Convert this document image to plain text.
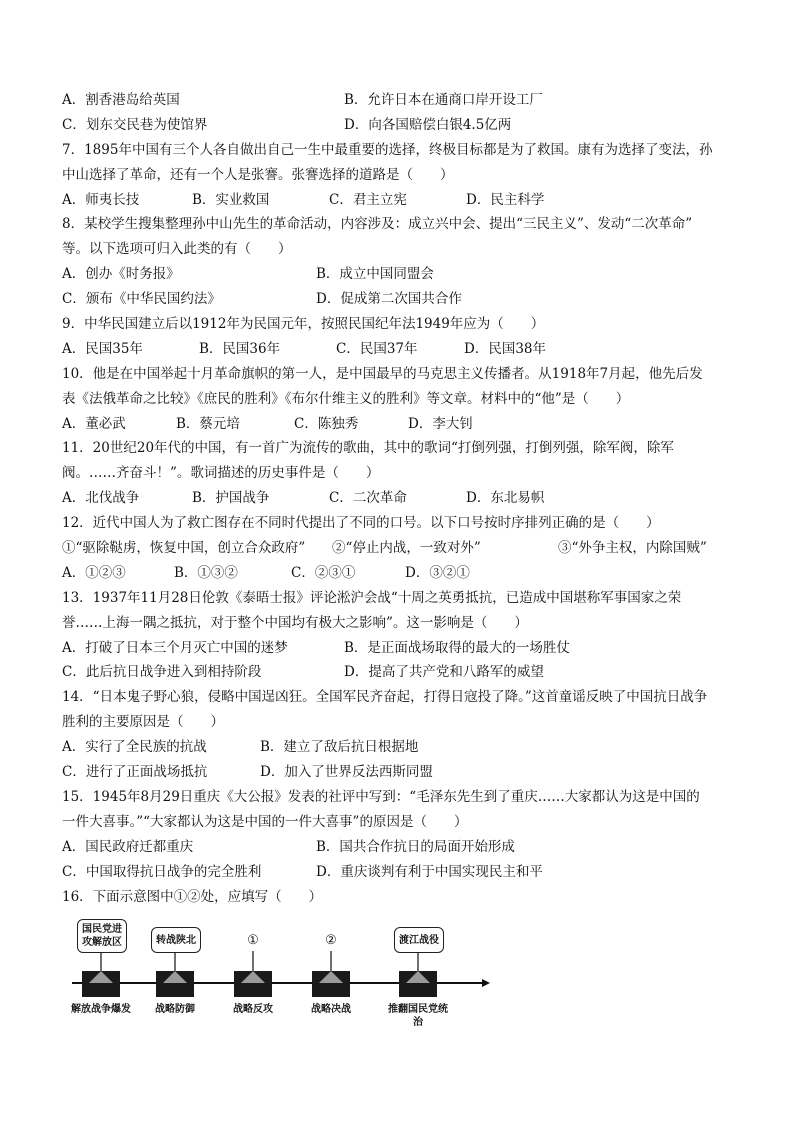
A．割香港岛给英国	B．允许日本在通商口岸开设工厂
C．划东交民巷为使馆界	D．向各国赔偿白银4.5亿两
7．1895年中国有三个人各自做出自己一生中最重要的选择，终极目标都是为了救国。康有为选择了变法，孙
中山选择了革命，还有一个人是张謇。张謇选择的道路是（　　）
A．师夷长技	B．实业救国	C．君主立宪	D．民主科学
8．某校学生搜集整理孙中山先生的革命活动，内容涉及：成立兴中会、提出“三民主义”、发动“二次革命”
等。以下选项可归入此类的有（　　）
A．创办《时务报》	B．成立中国同盟会
C．颁布《中华民国约法》	D．促成第二次国共合作
9．中华民国建立后以1912年为民国元年，按照民国纪年法1949年应为（　　）
A．民国35年	B．民国36年	C．民国37年	D．民国38年
10．他是在中国举起十月革命旗帜的第一人，是中国最早的马克思主义传播者。从1918年7月起，他先后发
表《法俄革命之比较》《庶民的胜利》《布尔什维主义的胜利》等文章。材料中的“他”是（　　）
A．董必武	B．蔡元培	C．陈独秀	D．李大钊
11．20世纪20年代的中国，有一首广为流传的歌曲，其中的歌词“打倒列强，打倒列强，除军阀，除军
阀。……齐奋斗！”。歌词描述的历史事件是（　　）
A．北伐战争	B．护国战争	C．二次革命	D．东北易帜
12．近代中国人为了救亡图存在不同时代提出了不同的口号。以下口号按时序排列正确的是（　　）
①“驱除鞑虏，恢复中国，创立合众政府”	②“停止内战，一致对外”	③“外争主权，内除国贼”
A．①②③	B．①③②	C．②③①	D．③②①
13．1937年11月28日伦敦《泰晤士报》评论淞沪会战“十周之英勇抵抗，已造成中国堪称军事国家之荣
誉……上海一隅之抵抗，对于整个中国均有极大之影响”。这一影响是（　　）
A．打破了日本三个月灭亡中国的迷梦	B．是正面战场取得的最大的一场胜仗
C．此后抗日战争进入到相持阶段	D．提高了共产党和八路军的威望
14．“日本鬼子野心狼，侵略中国逞凶狂。全国军民齐奋起，打得日寇投了降。”这首童谣反映了中国抗日战争
胜利的主要原因是（　　）
A．实行了全民族的抗战	B．建立了敌后抗日根据地
C．进行了正面战场抵抗	D．加入了世界反法西斯同盟
15．1945年8月29日重庆《大公报》发表的社评中写到：“毛泽东先生到了重庆……大家都认为这是中国的
一件大喜事。”“大家都认为这是中国的一件大喜事”的原因是（　　）
A．国民政府迁都重庆	B．国共合作抗日的局面开始形成
C．中国取得抗日战争的完全胜利	D．重庆谈判有利于中国实现民主和平
16．下面示意图中①②处，应填写（　　）
国民党进攻解放区
解放战争爆发
转战陕北
战略防御
①
战略反攻
②
战略决战
渡江战役
推翻国民党统治
